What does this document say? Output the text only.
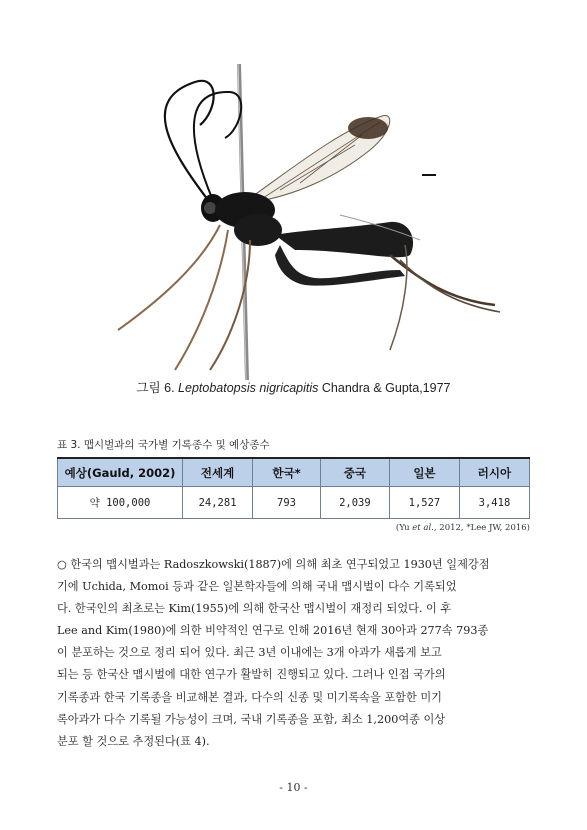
그림 6. Leptobatopsis nigricapitis Chandra & Gupta,1977
표 3. 맵시벌과의 국가별 기록종수 및 예상종수
예상(Gauld, 2002)	전세계	한국*	중국	일본	러시아
약 100,000	24,281	793	2,039	1,527	3,418
(Yu et al., 2012, *Lee JW, 2016)
○ 한국의 맵시벌과는 Radoszkowski(1887)에 의해 최초 연구되었고 1930년 일제강점
기에 Uchida, Momoi 등과 같은 일본학자들에 의해 국내 맵시벌이 다수 기록되었
다. 한국인의 최초로는 Kim(1955)에 의해 한국산 맵시벌이 재정리 되었다. 이 후
Lee and Kim(1980)에 의한 비약적인 연구로 인해 2016년 현재 30아과 277속 793종
이 분포하는 것으로 정리 되어 있다. 최근 3년 이내에는 3개 아과가 새롭게 보고
되는 등 한국산 맵시벌에 대한 연구가 활발히 진행되고 있다. 그러나 인접 국가의
기록종과 한국 기록종을 비교해본 결과, 다수의 신종 및 미기록속을 포함한 미기
록아과가 다수 기록될 가능성이 크며, 국내 기록종을 포함, 최소 1,200여종 이상
분포 할 것으로 추정된다(표 4).
- 10 -
